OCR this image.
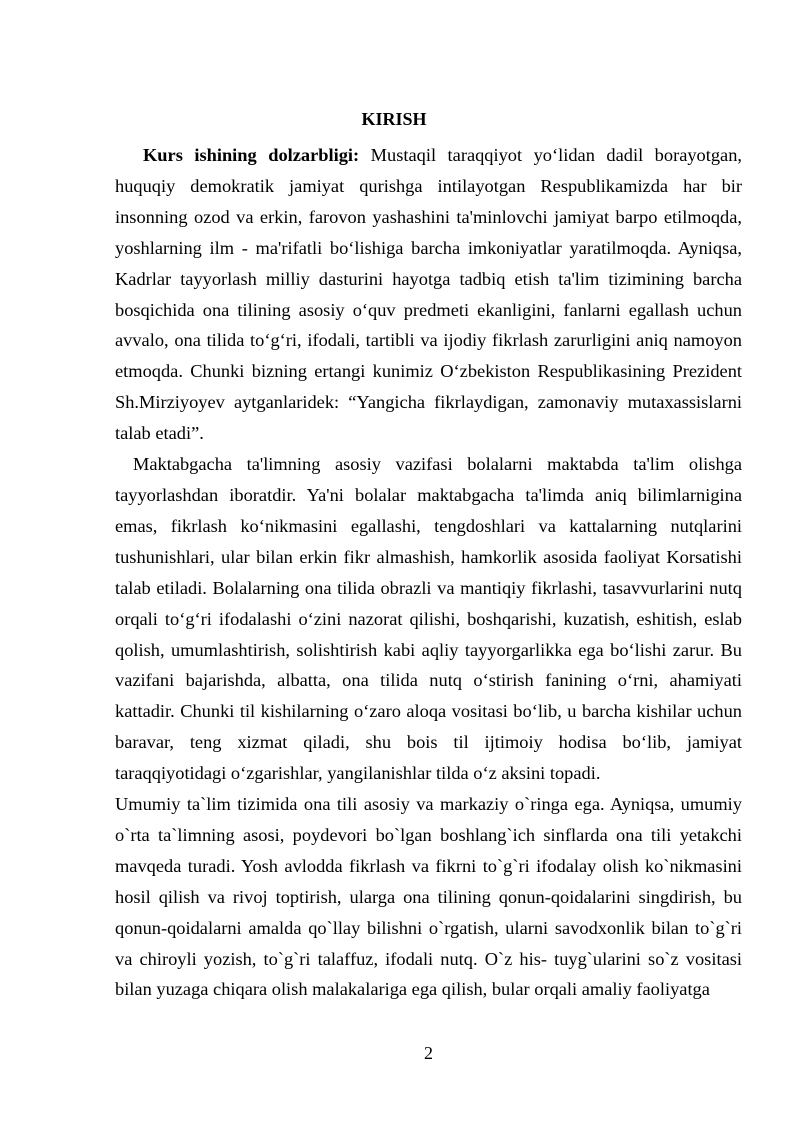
KIRISH

Kurs ishining dolzarbligi: Mustaqil taraqqiyot yo‘lidan dadil borayotgan, huquqiy demokratik jamiyat qurishga intilayotgan Respublikamizda har bir insonning ozod va erkin, farovon yashashini ta'minlovchi jamiyat barpo etilmoqda, yoshlarning ilm - ma'rifatli bo‘lishiga barcha imkoniyatlar yaratilmoqda. Ayniqsa, Kadrlar tayyorlash milliy dasturini hayotga tadbiq etish ta'lim tizimining barcha bosqichida ona tilining asosiy o‘quv predmeti ekanligini, fanlarni egallash uchun avvalo, ona tilida to‘g‘ri, ifodali, tartibli va ijodiy fikrlash zarurligini aniq namoyon etmoqda. Chunki bizning ertangi kunimiz O‘zbekiston Respublikasining Prezident Sh.Mirziyoyev aytganlaridek: “Yangicha fikrlaydigan, zamonaviy mutaxassislarni talab etadi”.

Maktabgacha ta'limning asosiy vazifasi bolalarni maktabda ta'lim olishga tayyorlashdan iboratdir. Ya'ni bolalar maktabgacha ta'limda aniq bilimlarnigina emas, fikrlash ko‘nikmasini egallashi, tengdoshlari va kattalarning nutqlarini tushunishlari, ular bilan erkin fikr almashish, hamkorlik asosida faoliyat Korsatishi talab etiladi. Bolalarning ona tilida obrazli va mantiqiy fikrlashi, tasavvurlarini nutq orqali to‘g‘ri ifodalashi o‘zini nazorat qilishi, boshqarishi, kuzatish, eshitish, eslab qolish, umumlashtirish, solishtirish kabi aqliy tayyorgarlikka ega bo‘lishi zarur. Bu vazifani bajarishda, albatta, ona tilida nutq o‘stirish fanining o‘rni, ahamiyati kattadir. Chunki til kishilarning o‘zaro aloqa vositasi bo‘lib, u barcha kishilar uchun baravar, teng xizmat qiladi, shu bois til ijtimoiy hodisa bo‘lib, jamiyat taraqqiyotidagi o‘zgarishlar, yangilanishlar tilda o‘z aksini topadi.

Umumiy ta`lim tizimida ona tili asosiy va markaziy o`ringa ega. Ayniqsa, umumiy o`rta ta`limning asosi, poydevori bo`lgan boshlang`ich sinflarda ona tili yetakchi mavqeda turadi. Yosh avlodda fikrlash va fikrni to`g`ri ifodalay olish ko`nikmasini hosil qilish va rivoj toptirish, ularga ona tilining qonun-qoidalarini singdirish, bu qonun-qoidalarni amalda qo`llay bilishni o`rgatish, ularni savodxonlik bilan to`g`ri va chiroyli yozish, to`g`ri talaffuz, ifodali nutq. O`z his- tuyg`ularini so`z vositasi bilan yuzaga chiqara olish malakalariga ega qilish, bular orqali amaliy faoliyatga

2
